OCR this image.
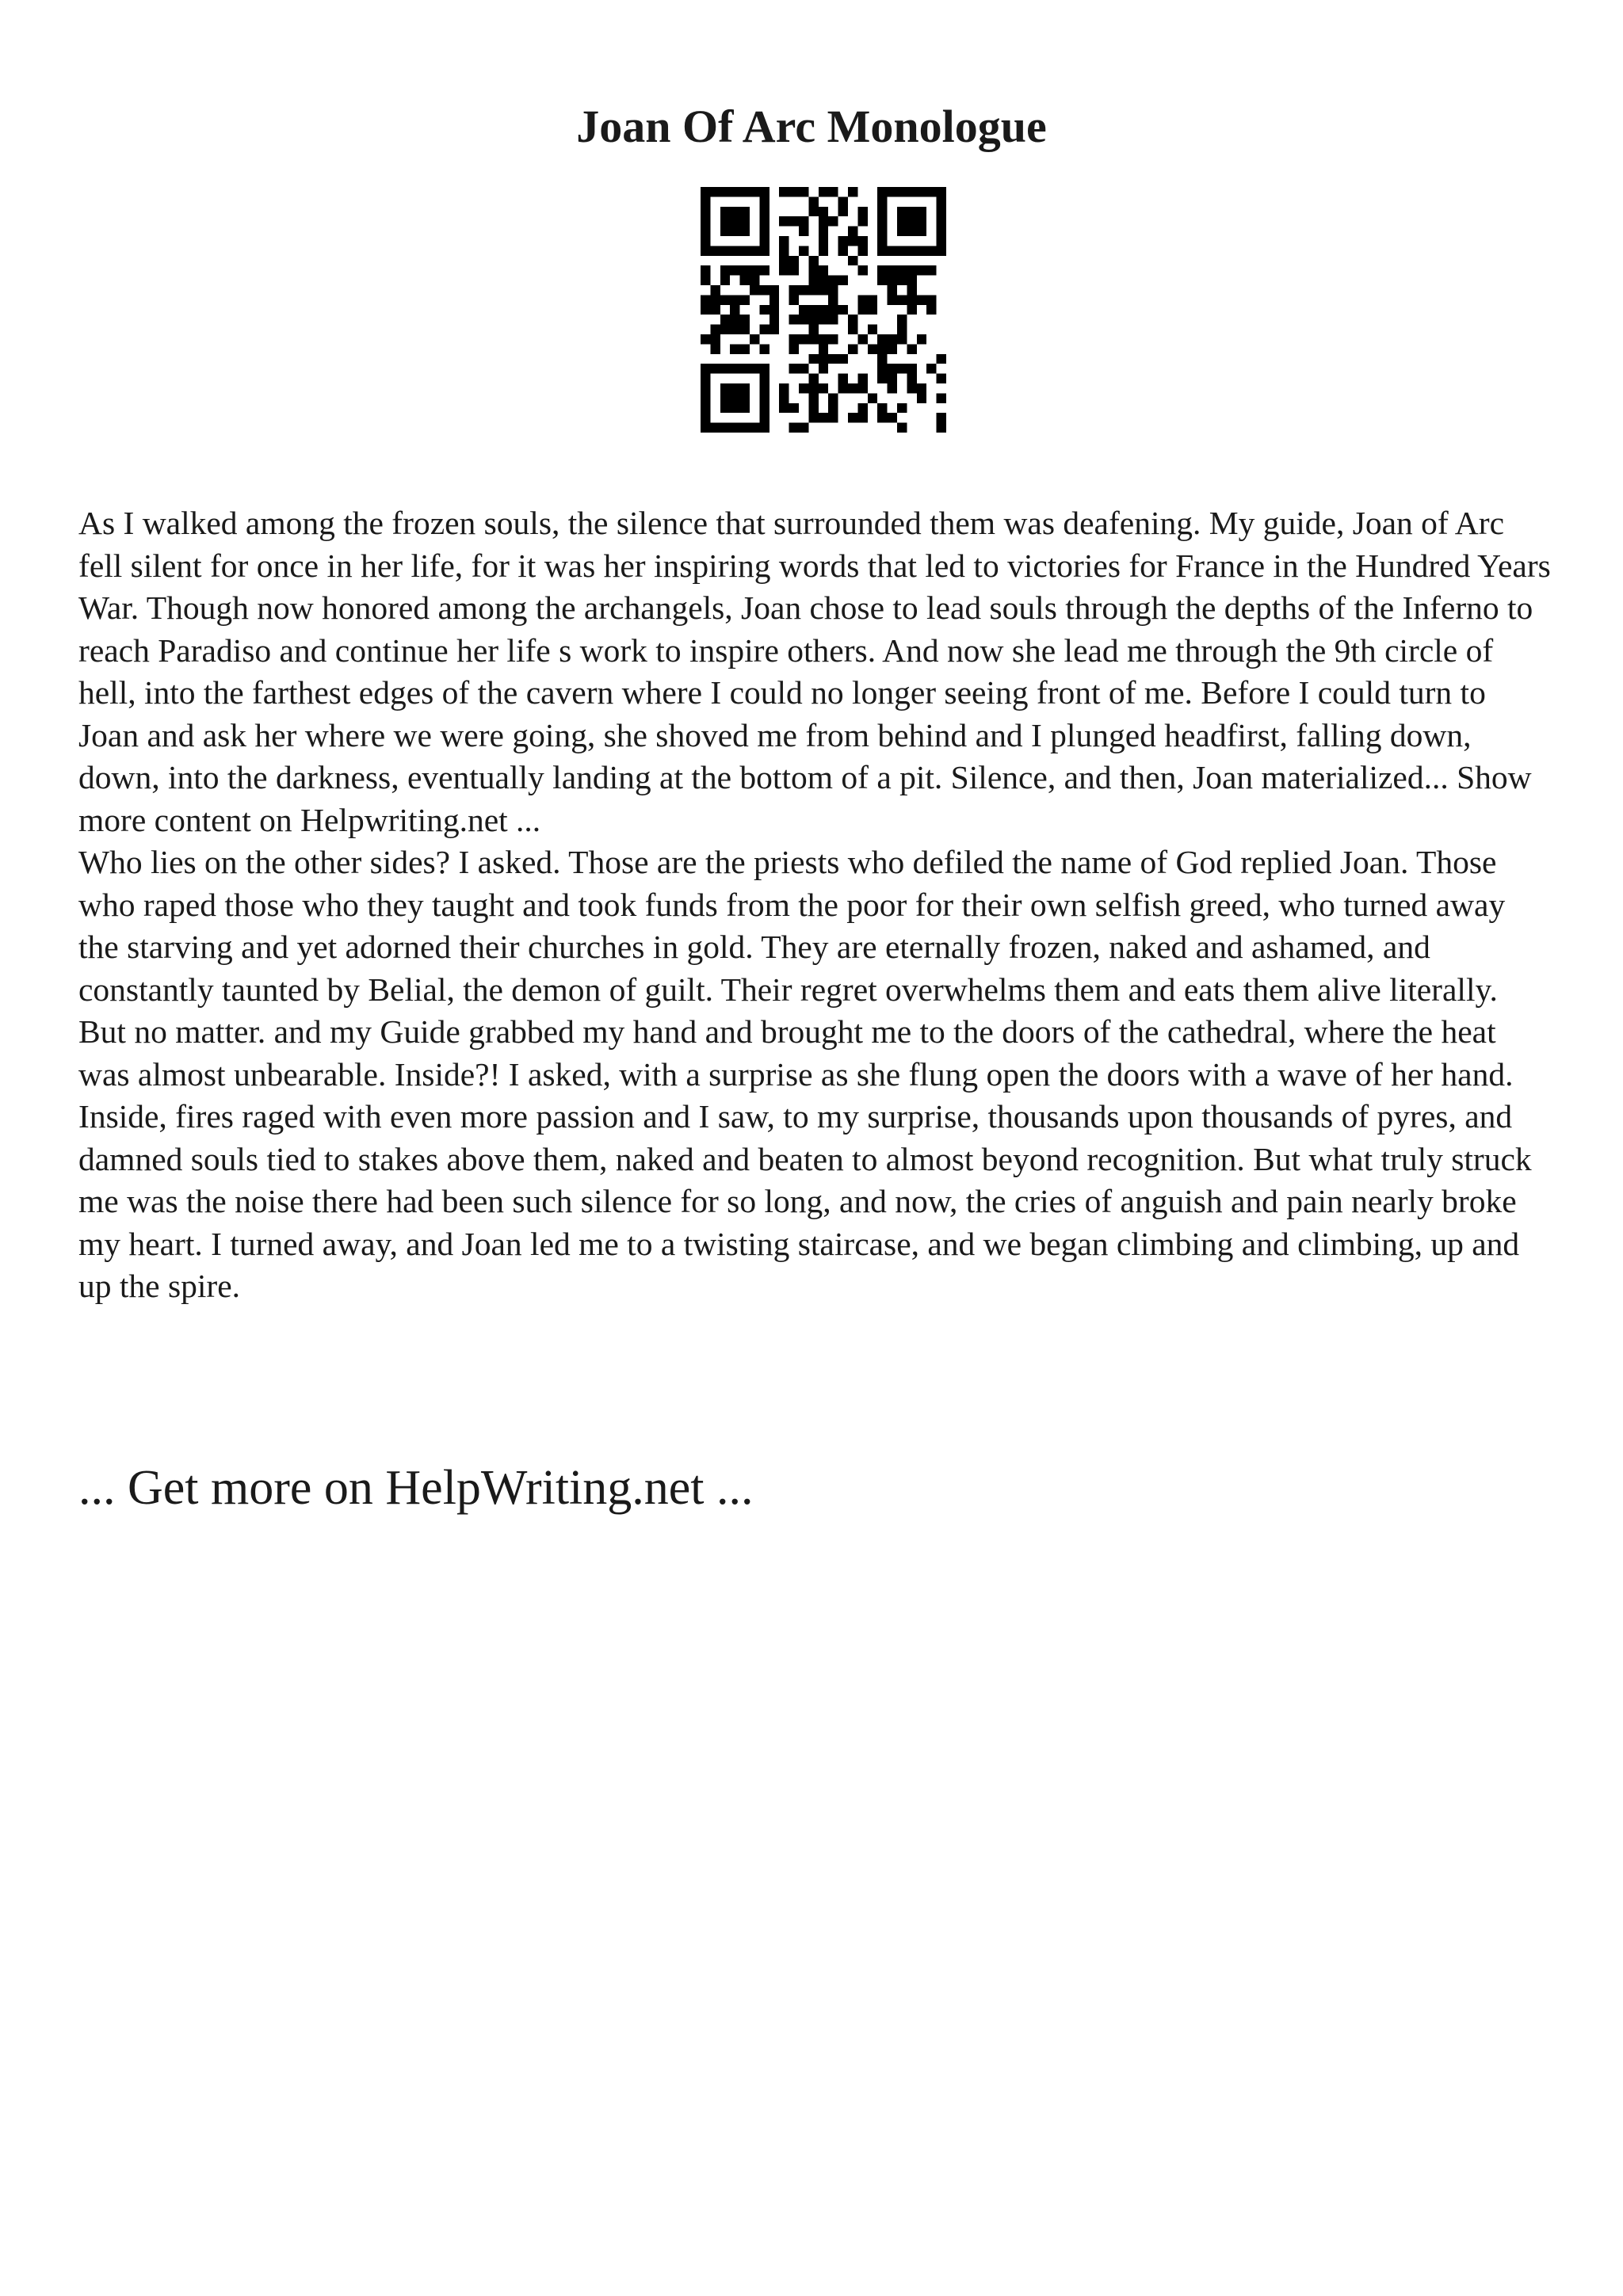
Joan Of Arc Monologue

As I walked among the frozen souls, the silence that surrounded them was deafening. My guide, Joan of Arc fell silent for once in her life, for it was her inspiring words that led to victories for France in the Hundred Years War. Though now honored among the archangels, Joan chose to lead souls through the depths of the Inferno to reach Paradiso and continue her life s work to inspire others. And now she lead me through the 9th circle of hell, into the farthest edges of the cavern where I could no longer seeing front of me. Before I could turn to Joan and ask her where we were going, she shoved me from behind and I plunged headfirst, falling down, down, into the darkness, eventually landing at the bottom of a pit. Silence, and then, Joan materialized... Show more content on Helpwriting.net ...

Who lies on the other sides? I asked. Those are the priests who defiled the name of God replied Joan. Those who raped those who they taught and took funds from the poor for their own selfish greed, who turned away the starving and yet adorned their churches in gold. They are eternally frozen, naked and ashamed, and constantly taunted by Belial, the demon of guilt. Their regret overwhelms them and eats them alive literally. But no matter. and my Guide grabbed my hand and brought me to the doors of the cathedral, where the heat was almost unbearable. Inside?! I asked, with a surprise as she flung open the doors with a wave of her hand. Inside, fires raged with even more passion and I saw, to my surprise, thousands upon thousands of pyres, and damned souls tied to stakes above them, naked and beaten to almost beyond recognition. But what truly struck me was the noise there had been such silence for so long, and now, the cries of anguish and pain nearly broke my heart. I turned away, and Joan led me to a twisting staircase, and we began climbing and climbing, up and up the spire.

... Get more on HelpWriting.net ...
